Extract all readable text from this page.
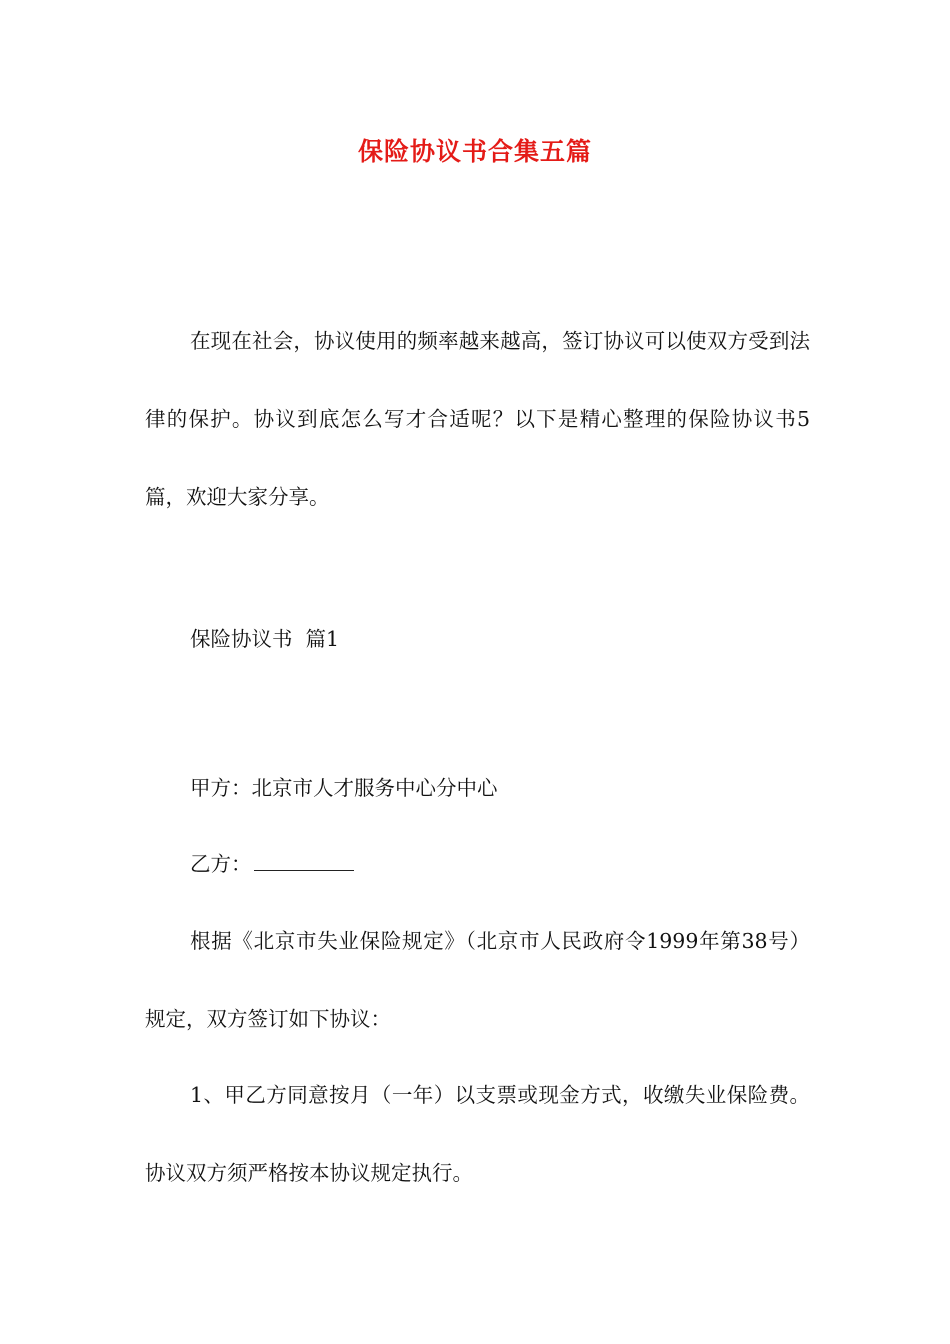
保险协议书合集五篇

在现在社会，协议使用的频率越来越高，签订协议可以使双方受到法律的保护。协议到底怎么写才合适呢？以下是精心整理的保险协议书5篇，欢迎大家分享。

保险协议书  篇1

甲方：北京市人才服务中心分中心

乙方：

根据《北京市失业保险规定》（北京市人民政府令1999年第38号）规定，双方签订如下协议：

1、甲乙方同意按月（一年）以支票或现金方式，收缴失业保险费。协议双方须严格按本协议规定执行。
